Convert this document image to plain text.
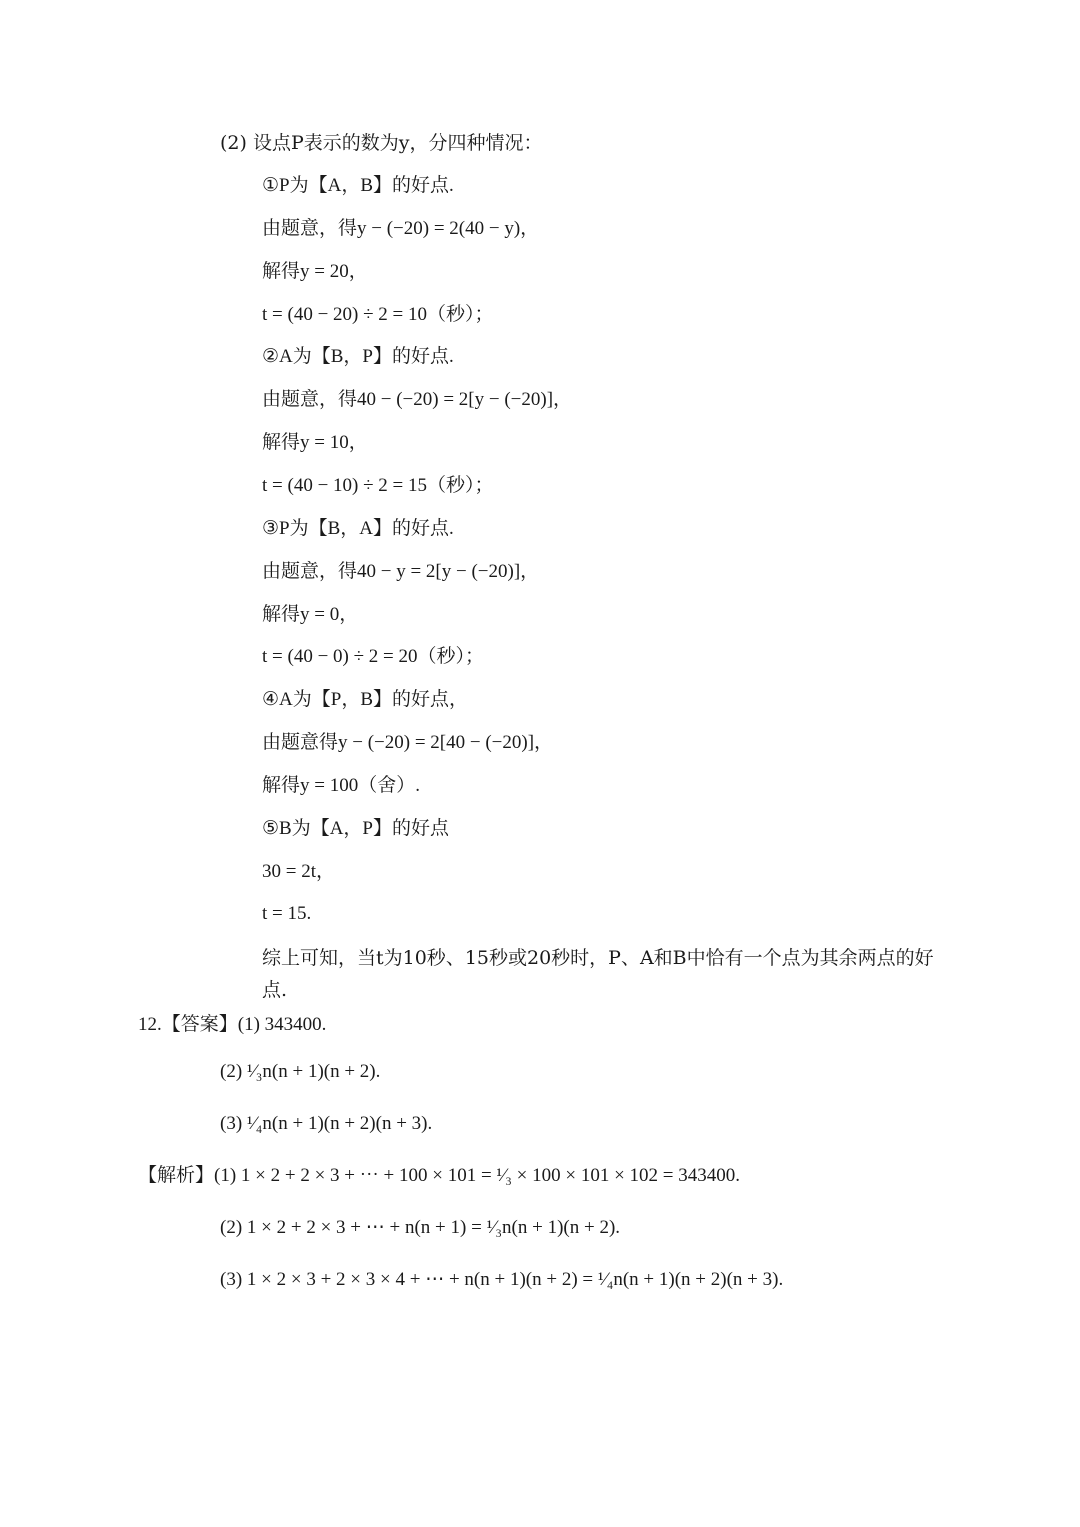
(2) 设点P表示的数为y，分四种情况：
①P为【A，B】的好点.
由题意，得y − (−20) = 2(40 − y)，
解得y = 20，
t = (40 − 20) ÷ 2 = 10（秒）；
②A为【B，P】的好点.
由题意，得40 − (−20) = 2[y − (−20)]，
解得y = 10，
t = (40 − 10) ÷ 2 = 15（秒）；
③P为【B，A】的好点.
由题意，得40 − y = 2[y − (−20)]，
解得y = 0，
t = (40 − 0) ÷ 2 = 20（秒）；
④A为【P，B】的好点，
由题意得y − (−20) = 2[40 − (−20)]，
解得y = 100（舍）.
⑤B为【A，P】的好点
30 = 2t，
t = 15.
综上可知，当t为10秒、15秒或20秒时，P、A和B中恰有一个点为其余两点的好点.
12.【答案】(1) 343400.
(2) ¹⁄₃n(n + 1)(n + 2).
(3) ¹⁄₄n(n + 1)(n + 2)(n + 3).
【解析】(1) 1 × 2 + 2 × 3 + ⋯ + 100 × 101 = ¹⁄₃ × 100 × 101 × 102 = 343400.
(2) 1 × 2 + 2 × 3 + ⋯ + n(n + 1) = ¹⁄₃n(n + 1)(n + 2).
(3) 1 × 2 × 3 + 2 × 3 × 4 + ⋯ + n(n + 1)(n + 2) = ¹⁄₄n(n + 1)(n + 2)(n + 3).
